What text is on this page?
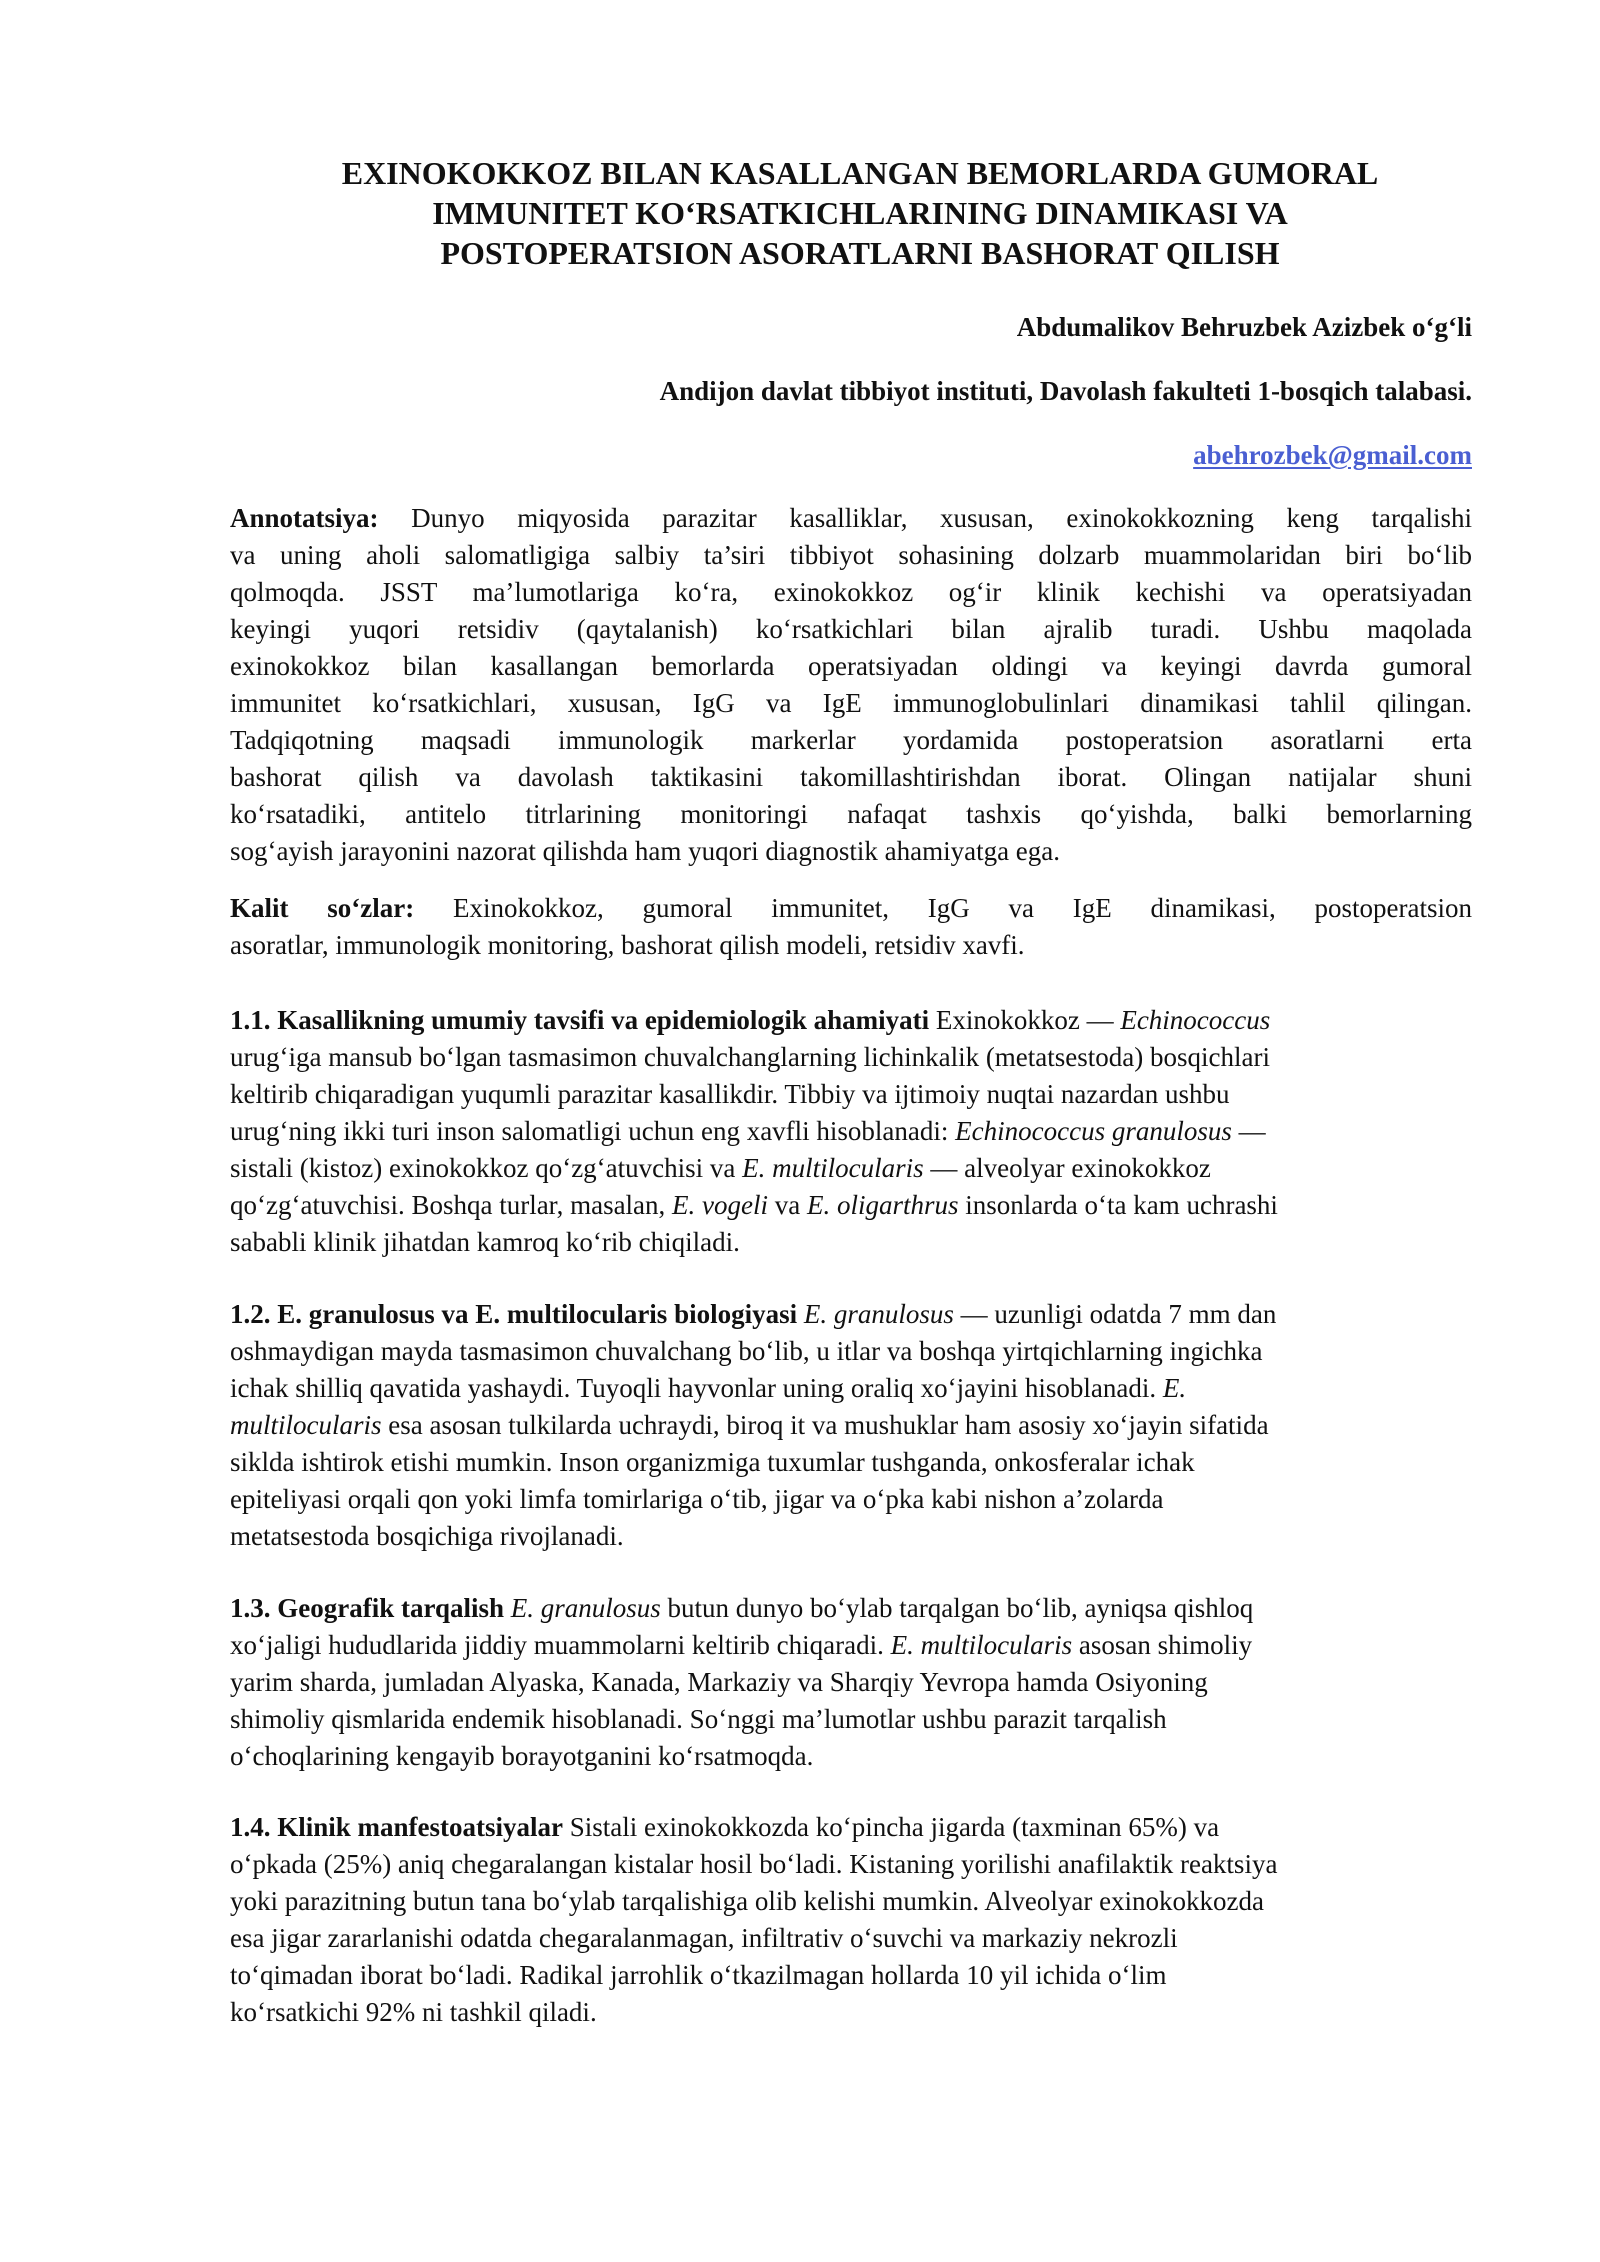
EXINOKOKKOZ BILAN KASALLANGAN BEMORLARDA GUMORAL
IMMUNITET KO‘RSATKICHLARINING DINAMIKASI VA
POSTOPERATSION ASORATLARNI BASHORAT QILISH
Abdumalikov Behruzbek Azizbek o‘g‘li
Andijon davlat tibbiyot instituti, Davolash fakulteti 1-bosqich talabasi.
abehrozbek@gmail.com
Annotatsiya: Dunyo miqyosida parazitar kasalliklar, xususan, exinokokkozning keng tarqalishi
va uning aholi salomatligiga salbiy ta’siri tibbiyot sohasining dolzarb muammolaridan biri bo‘lib
qolmoqda. JSST ma’lumotlariga ko‘ra, exinokokkoz og‘ir klinik kechishi va operatsiyadan
keyingi yuqori retsidiv (qaytalanish) ko‘rsatkichlari bilan ajralib turadi. Ushbu maqolada
exinokokkoz bilan kasallangan bemorlarda operatsiyadan oldingi va keyingi davrda gumoral
immunitet ko‘rsatkichlari, xususan, IgG va IgE immunoglobulinlari dinamikasi tahlil qilingan.
Tadqiqotning maqsadi immunologik markerlar yordamida postoperatsion asoratlarni erta
bashorat qilish va davolash taktikasini takomillashtirishdan iborat. Olingan natijalar shuni
ko‘rsatadiki, antitelo titrlarining monitoringi nafaqat tashxis qo‘yishda, balki bemorlarning
sog‘ayish jarayonini nazorat qilishda ham yuqori diagnostik ahamiyatga ega.
Kalit so‘zlar: Exinokokkoz, gumoral immunitet, IgG va IgE dinamikasi, postoperatsion
asoratlar, immunologik monitoring, bashorat qilish modeli, retsidiv xavfi.
1.1. Kasallikning umumiy tavsifi va epidemiologik ahamiyati Exinokokkoz — Echinococcus
urug‘iga mansub bo‘lgan tasmasimon chuvalchanglarning lichinkalik (metatsestoda) bosqichlari
keltirib chiqaradigan yuqumli parazitar kasallikdir. Tibbiy va ijtimoiy nuqtai nazardan ushbu
urug‘ning ikki turi inson salomatligi uchun eng xavfli hisoblanadi: Echinococcus granulosus —
sistali (kistoz) exinokokkoz qo‘zg‘atuvchisi va E. multilocularis — alveolyar exinokokkoz
qo‘zg‘atuvchisi. Boshqa turlar, masalan, E. vogeli va E. oligarthrus insonlarda o‘ta kam uchrashi
sababli klinik jihatdan kamroq ko‘rib chiqiladi.
1.2. E. granulosus va E. multilocularis biologiyasi E. granulosus — uzunligi odatda 7 mm dan
oshmaydigan mayda tasmasimon chuvalchang bo‘lib, u itlar va boshqa yirtqichlarning ingichka
ichak shilliq qavatida yashaydi. Tuyoqli hayvonlar uning oraliq xo‘jayini hisoblanadi. E.
multilocularis esa asosan tulkilarda uchraydi, biroq it va mushuklar ham asosiy xo‘jayin sifatida
siklda ishtirok etishi mumkin. Inson organizmiga tuxumlar tushganda, onkosferalar ichak
epiteliyasi orqali qon yoki limfa tomirlariga o‘tib, jigar va o‘pka kabi nishon a’zolarda
metatsestoda bosqichiga rivojlanadi.
1.3. Geografik tarqalish E. granulosus butun dunyo bo‘ylab tarqalgan bo‘lib, ayniqsa qishloq
xo‘jaligi hududlarida jiddiy muammolarni keltirib chiqaradi. E. multilocularis asosan shimoliy
yarim sharda, jumladan Alyaska, Kanada, Markaziy va Sharqiy Yevropa hamda Osiyoning
shimoliy qismlarida endemik hisoblanadi. So‘nggi ma’lumotlar ushbu parazit tarqalish
o‘choqlarining kengayib borayotganini ko‘rsatmoqda.
1.4. Klinik manfestoatsiyalar Sistali exinokokkozda ko‘pincha jigarda (taxminan 65%) va
o‘pkada (25%) aniq chegaralangan kistalar hosil bo‘ladi. Kistaning yorilishi anafilaktik reaktsiya
yoki parazitning butun tana bo‘ylab tarqalishiga olib kelishi mumkin. Alveolyar exinokokkozda
esa jigar zararlanishi odatda chegaralanmagan, infiltrativ o‘suvchi va markaziy nekrozli
to‘qimadan iborat bo‘ladi. Radikal jarrohlik o‘tkazilmagan hollarda 10 yil ichida o‘lim
ko‘rsatkichi 92% ni tashkil qiladi.
